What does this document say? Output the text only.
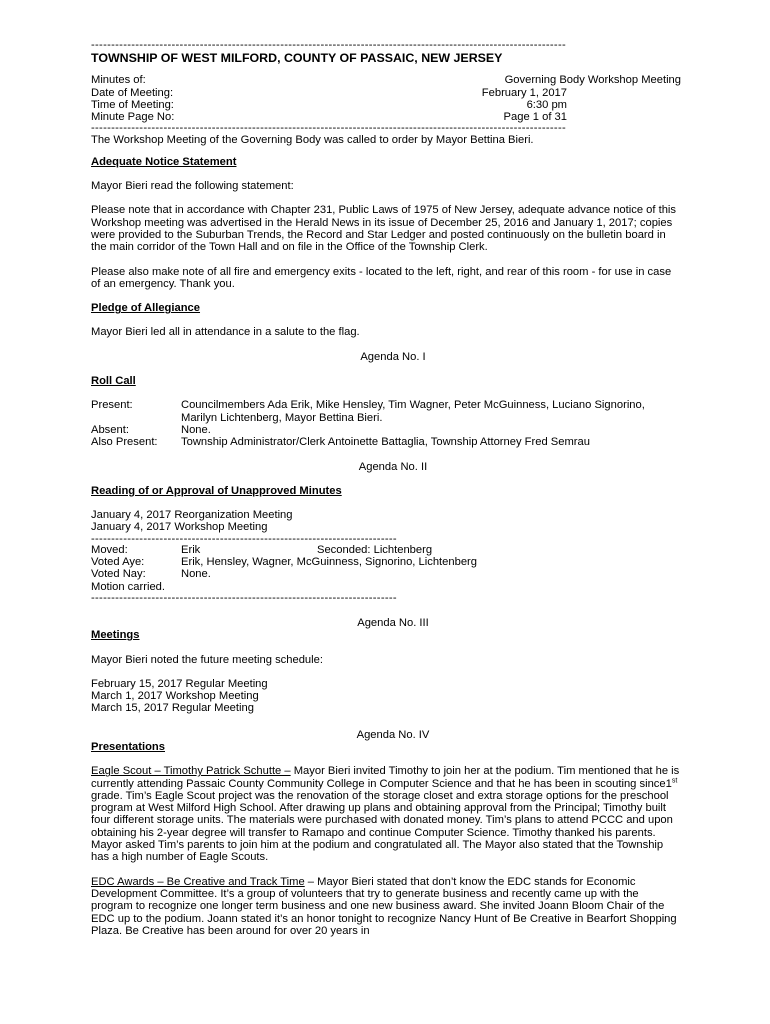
----------------------------------------------------------------------------------------------------------------------
TOWNSHIP OF WEST MILFORD, COUNTY OF PASSAIC, NEW JERSEY
Minutes of:	Governing Body Workshop Meeting
Date of Meeting:	February 1, 2017
Time of Meeting:	6:30 pm
Minute Page No:	Page 1 of 31
----------------------------------------------------------------------------------------------------------------------

The Workshop Meeting of the Governing Body was called to order by Mayor Bettina Bieri.

Adequate Notice Statement

Mayor Bieri read the following statement:

Please note that in accordance with Chapter 231, Public Laws of 1975 of New Jersey, adequate advance notice of this Workshop meeting was advertised in the Herald News in its issue of December 25, 2016 and January 1, 2017; copies were provided to the Suburban Trends, the Record and Star Ledger and posted continuously on the bulletin board in the main corridor of the Town Hall and on file in the Office of the Township Clerk.

Please also make note of all fire and emergency exits - located to the left, right, and rear of this room - for use in case of an emergency. Thank you.

Pledge of Allegiance

Mayor Bieri led all in attendance in a salute to the flag.

Agenda No. I

Roll Call

Present:	Councilmembers Ada Erik, Mike Hensley, Tim Wagner, Peter McGuinness, Luciano Signorino, Marilyn Lichtenberg, Mayor Bettina Bieri.
Absent:	None.
Also Present:	Township Administrator/Clerk Antoinette Battaglia, Township Attorney Fred Semrau

Agenda No. II

Reading of or Approval of Unapproved Minutes

January 4, 2017 Reorganization Meeting

January 4, 2017 Workshop Meeting

----------------------------------------------------------------------------
Moved:	Erik	Seconded: Lichtenberg
Voted Aye:	Erik, Hensley, Wagner, McGuinness, Signorino, Lichtenberg
Voted Nay:	None.

Motion carried.

----------------------------------------------------------------------------

Agenda No. III

Meetings

Mayor Bieri noted the future meeting schedule:

February 15, 2017 Regular Meeting

March 1, 2017 Workshop Meeting

March 15, 2017 Regular Meeting

Agenda No. IV

Presentations

Eagle Scout – Timothy Patrick Schutte – Mayor Bieri invited Timothy to join her at the podium. Tim mentioned that he is currently attending Passaic County Community College in Computer Science and that he has been in scouting since1st grade. Tim’s Eagle Scout project was the renovation of the storage closet and extra storage options for the preschool program at West Milford High School. After drawing up plans and obtaining approval from the Principal; Timothy built four different storage units. The materials were purchased with donated money. Tim’s plans to attend PCCC and upon obtaining his 2-year degree will transfer to Ramapo and continue Computer Science. Timothy thanked his parents. Mayor asked Tim’s parents to join him at the podium and congratulated all. The Mayor also stated that the Township has a high number of Eagle Scouts.

EDC Awards – Be Creative and Track Time – Mayor Bieri stated that don’t know the EDC stands for Economic Development Committee. It’s a group of volunteers that try to generate business and recently came up with the program to recognize one longer term business and one new business award. She invited Joann Bloom Chair of the EDC up to the podium. Joann stated it’s an honor tonight to recognize Nancy Hunt of Be Creative in Bearfort Shopping Plaza. Be Creative has been around for over 20 years in
